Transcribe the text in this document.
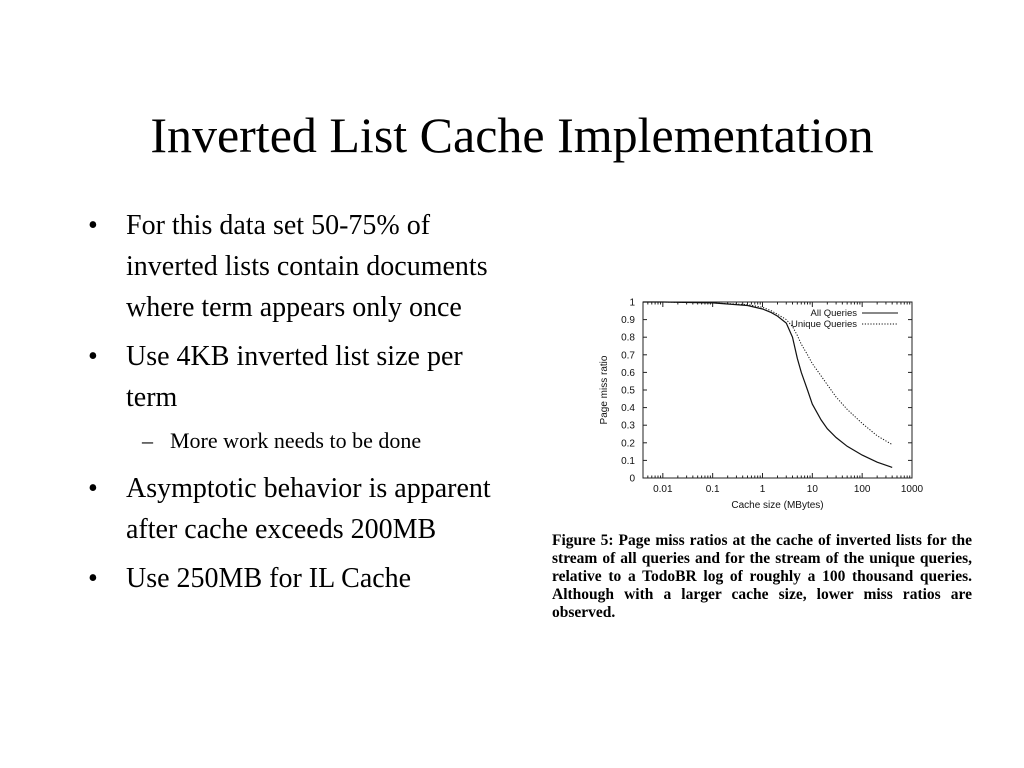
Inverted List Cache Implementation
• For this data set 50-75% of inverted lists contain documents where term appears only once
• Use 4KB inverted list size per term
– More work needs to be done
• Asymptotic behavior is apparent after cache exceeds 200MB
• Use 250MB for IL Cache
0
0.1
0.2
0.3
0.4
0.5
0.6
0.7
0.8
0.9
1
0.01	0.1	1	10	100	1000
Cache size (MBytes)
Page miss ratio
All Queries
Unique Queries
Figure 5: Page miss ratios at the cache of inverted lists for the stream of all queries and for the stream of the unique queries, relative to a TodoBR log of roughly a 100 thousand queries. Although with a larger cache size, lower miss ratios are observed.
